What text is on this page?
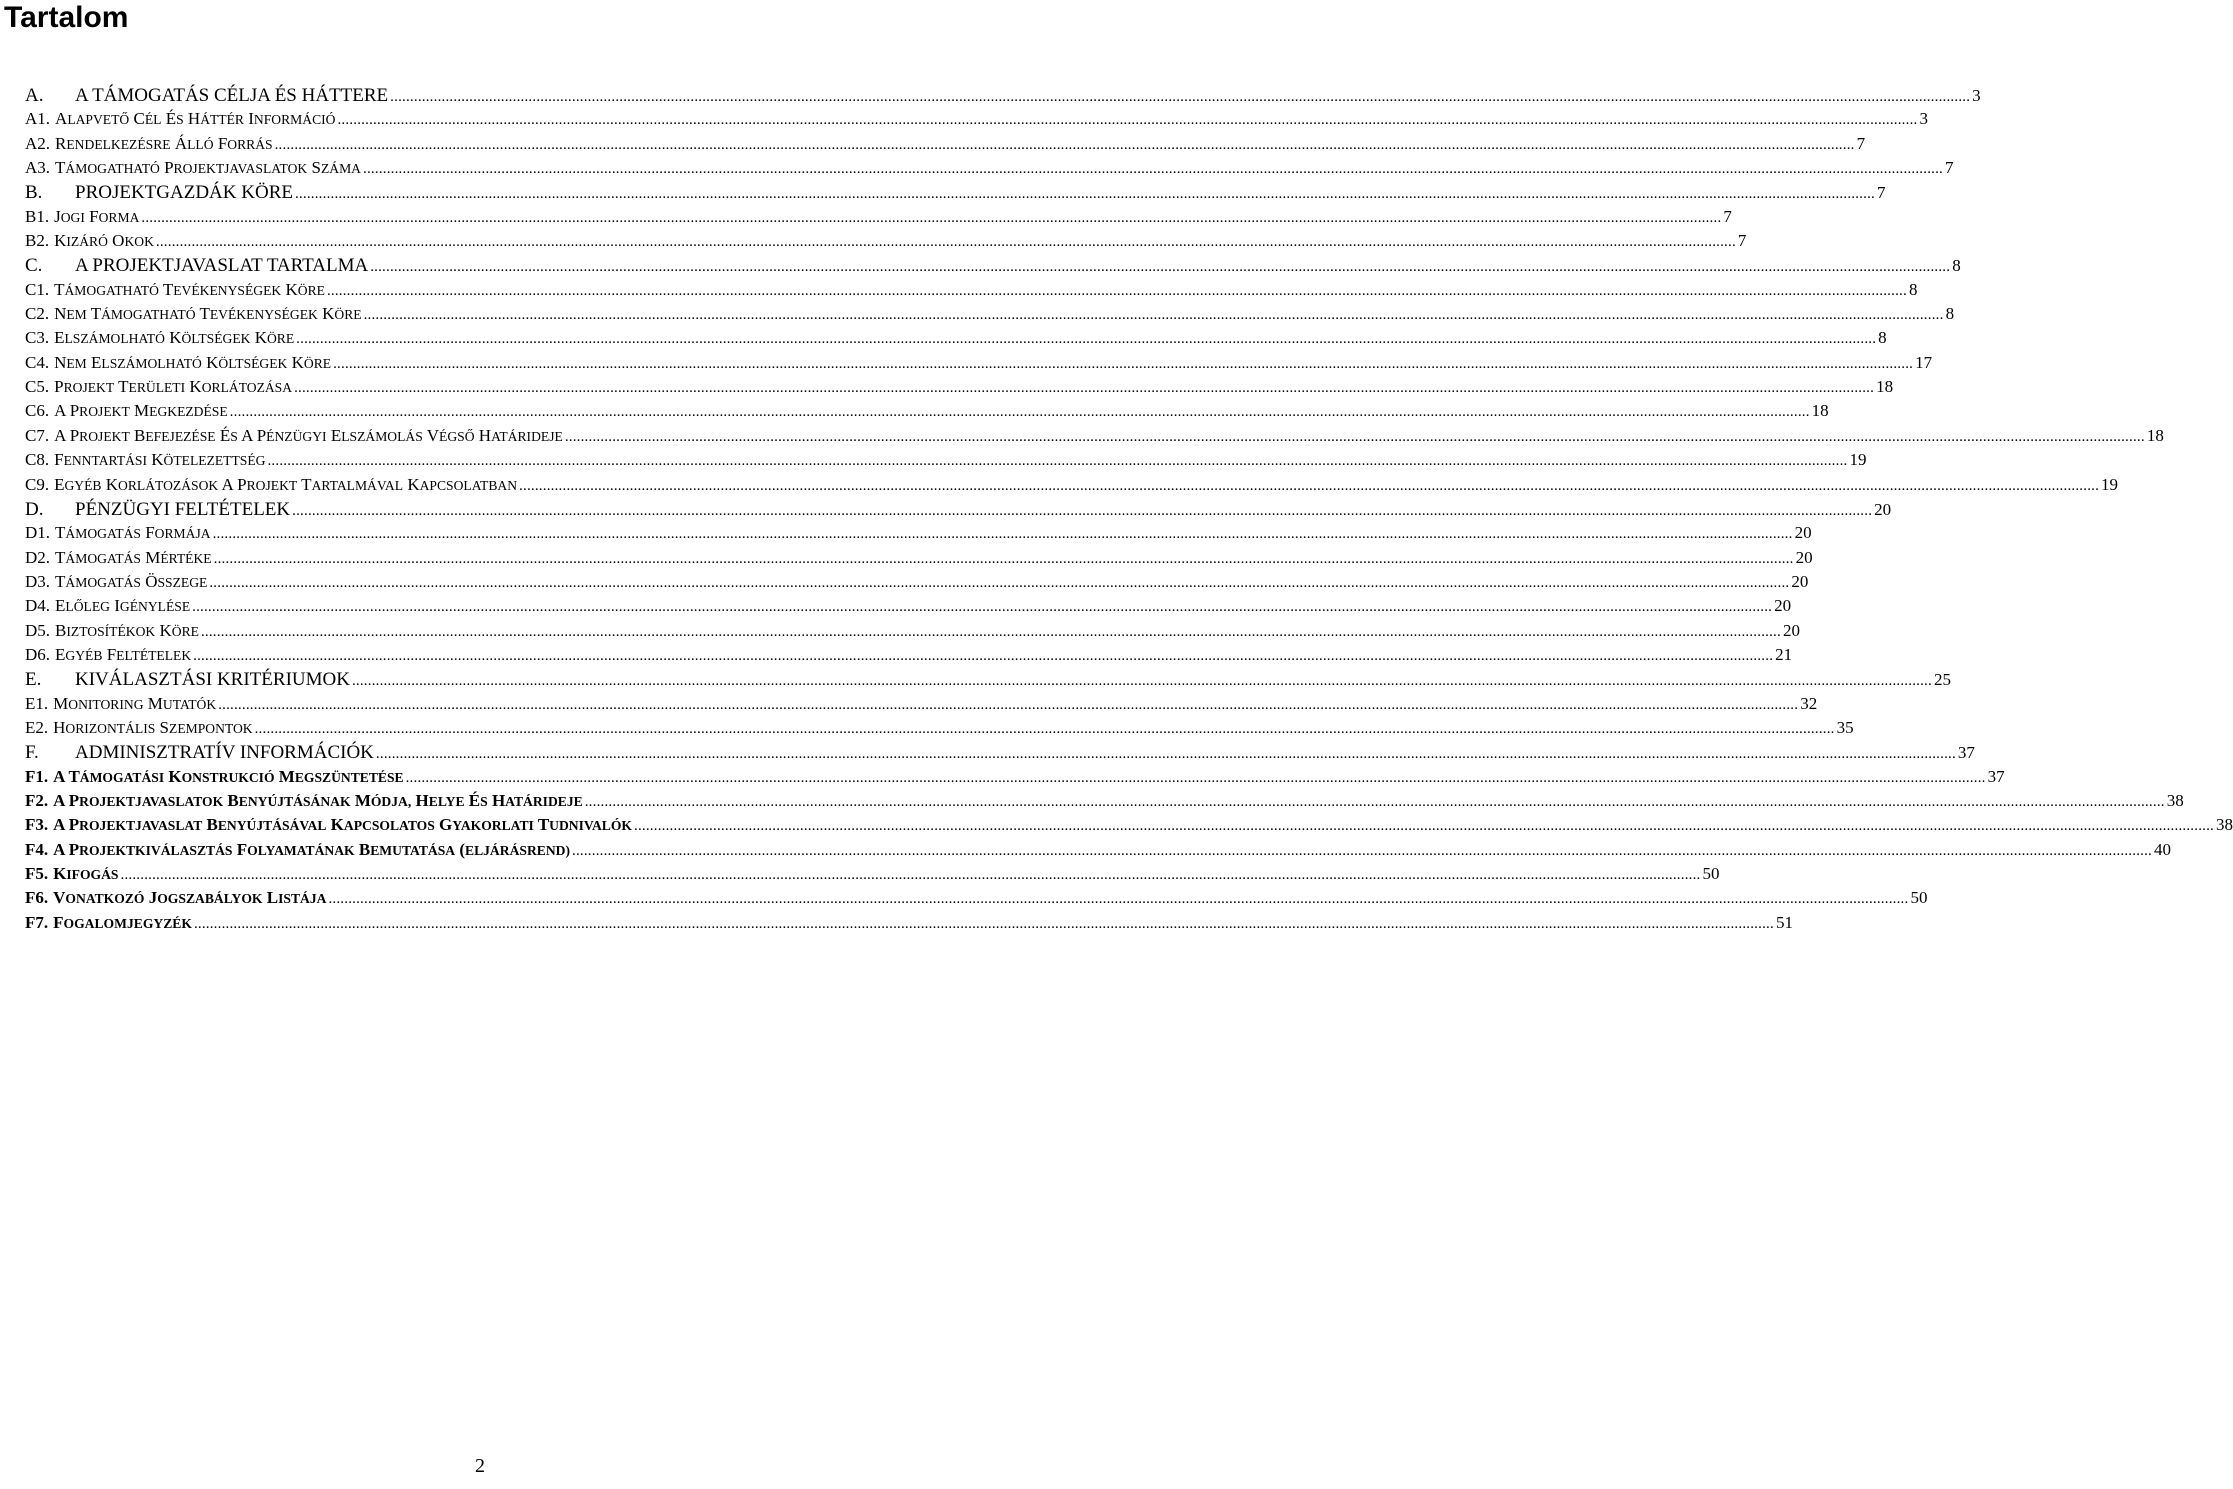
Tartalom
A. A TÁMOGATÁS CÉLJA ÉS HÁTTERE ................................................................................................................................................................................................................................................................................................................................................................................................................ 3
A1. ALAPVETŐ CÉL ÉS HÁTTÉR INFORMÁCIÓ ................................................................................................................................................................................................................................................................................................................................................................................................................ 3
A2. RENDELKEZÉSRE ÁLLÓ FORRÁS ................................................................................................................................................................................................................................................................................................................................................................................................................ 7
A3. TÁMOGATHATÓ PROJEKTJAVASLATOK SZÁMA ................................................................................................................................................................................................................................................................................................................................................................................................................ 7
B. PROJEKTGAZDÁK KÖRE ................................................................................................................................................................................................................................................................................................................................................................................................................ 7
B1. JOGI FORMA ................................................................................................................................................................................................................................................................................................................................................................................................................ 7
B2. KIZÁRÓ OKOK ................................................................................................................................................................................................................................................................................................................................................................................................................ 7
C. A PROJEKTJAVASLAT TARTALMA ................................................................................................................................................................................................................................................................................................................................................................................................................ 8
C1. TÁMOGATHATÓ TEVÉKENYSÉGEK KÖRE ................................................................................................................................................................................................................................................................................................................................................................................................................ 8
C2. NEM TÁMOGATHATÓ TEVÉKENYSÉGEK KÖRE ................................................................................................................................................................................................................................................................................................................................................................................................................ 8
C3. ELSZÁMOLHATÓ KÖLTSÉGEK KÖRE ................................................................................................................................................................................................................................................................................................................................................................................................................ 8
C4. NEM ELSZÁMOLHATÓ KÖLTSÉGEK KÖRE ................................................................................................................................................................................................................................................................................................................................................................................................................ 17
C5. PROJEKT TERÜLETI KORLÁTOZÁSA ................................................................................................................................................................................................................................................................................................................................................................................................................ 18
C6. A PROJEKT MEGKEZDÉSE ................................................................................................................................................................................................................................................................................................................................................................................................................ 18
C7. A PROJEKT BEFEJEZÉSE ÉS A PÉNZÜGYI ELSZÁMOLÁS VÉGSŐ HATÁRIDEJE ................................................................................................................................................................................................................................................................................................................................................................................................................ 18
C8. FENNTARTÁSI KÖTELEZETTSÉG ................................................................................................................................................................................................................................................................................................................................................................................................................ 19
C9. EGYÉB KORLÁTOZÁSOK A PROJEKT TARTALMÁVAL KAPCSOLATBAN ................................................................................................................................................................................................................................................................................................................................................................................................................ 19
D. PÉNZÜGYI FELTÉTELEK ................................................................................................................................................................................................................................................................................................................................................................................................................ 20
D1. TÁMOGATÁS FORMÁJA ................................................................................................................................................................................................................................................................................................................................................................................................................ 20
D2. TÁMOGATÁS MÉRTÉKE ................................................................................................................................................................................................................................................................................................................................................................................................................ 20
D3. TÁMOGATÁS ÖSSZEGE ................................................................................................................................................................................................................................................................................................................................................................................................................ 20
D4. ELŐLEG IGÉNYLÉSE ................................................................................................................................................................................................................................................................................................................................................................................................................ 20
D5. BIZTOSÍTÉKOK KÖRE ................................................................................................................................................................................................................................................................................................................................................................................................................ 20
D6. EGYÉB FELTÉTELEK ................................................................................................................................................................................................................................................................................................................................................................................................................ 21
E. KIVÁLASZTÁSI KRITÉRIUMOK ................................................................................................................................................................................................................................................................................................................................................................................................................ 25
E1. MONITORING MUTATÓK ................................................................................................................................................................................................................................................................................................................................................................................................................ 32
E2. HORIZONTÁLIS SZEMPONTOK ................................................................................................................................................................................................................................................................................................................................................................................................................ 35
F. ADMINISZTRATÍV INFORMÁCIÓK ................................................................................................................................................................................................................................................................................................................................................................................................................ 37
F1. A TÁMOGATÁSI KONSTRUKCIÓ MEGSZÜNTETÉSE ................................................................................................................................................................................................................................................................................................................................................................................................................ 37
F2. A PROJEKTJAVASLATOK BENYÚJTÁSÁNAK MÓDJA, HELYE ÉS HATÁRIDEJE ................................................................................................................................................................................................................................................................................................................................................................................................................ 38
F3. A PROJEKTJAVASLAT BENYÚJTÁSÁVAL KAPCSOLATOS GYAKORLATI TUDNIVALÓK ................................................................................................................................................................................................................................................................................................................................................................................................................ 38
F4. A PROJEKTKIVÁLASZTÁS FOLYAMATÁNAK BEMUTATÁSA (ELJÁRÁSREND) ................................................................................................................................................................................................................................................................................................................................................................................................................ 40
F5. KIFOGÁS ................................................................................................................................................................................................................................................................................................................................................................................................................ 50
F6. VONATKOZÓ JOGSZABÁLYOK LISTÁJA ................................................................................................................................................................................................................................................................................................................................................................................................................ 50
F7. FOGALOMJEGYZÉK ................................................................................................................................................................................................................................................................................................................................................................................................................ 51
2
